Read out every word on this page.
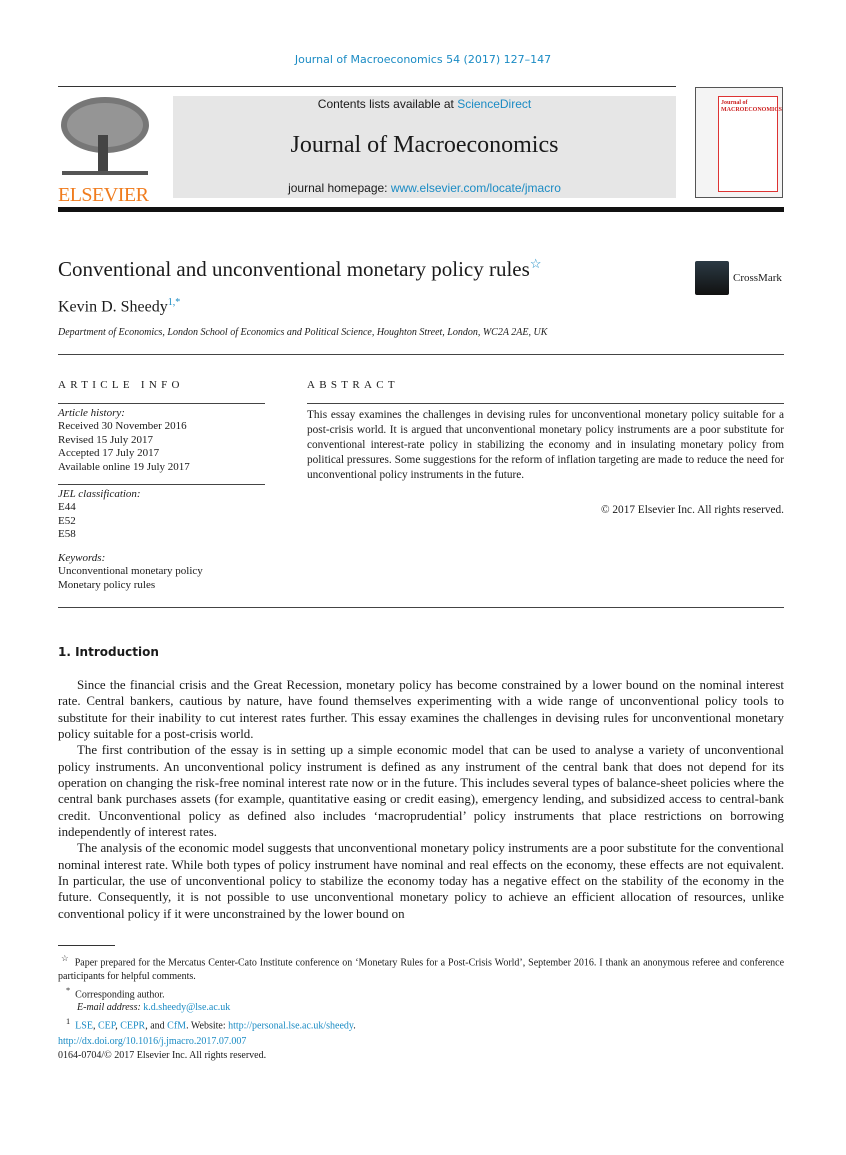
Journal of Macroeconomics 54 (2017) 127–147
ELSEVIER
Contents lists available at ScienceDirect
Journal of Macroeconomics
journal homepage: www.elsevier.com/locate/jmacro
Journal of MACROECONOMICS
Conventional and unconventional monetary policy rules☆
CrossMark
Kevin D. Sheedy$^{1,*}$
Department of Economics, London School of Economics and Political Science, Houghton Street, London, WC2A 2AE, UK
ARTICLE INFO
Article history:
Received 30 November 2016
Revised 15 July 2017
Accepted 17 July 2017
Available online 19 July 2017
JEL classification:
E44
E52
E58
Keywords:
Unconventional monetary policy
Monetary policy rules
ABSTRACT
This essay examines the challenges in devising rules for unconventional monetary policy suitable for a post-crisis world. It is argued that unconventional monetary policy instruments are a poor substitute for conventional interest-rate policy in stabilizing the economy and in insulating monetary policy from political pressures. Some suggestions for the reform of inflation targeting are made to reduce the need for unconventional policy instruments in the future.
© 2017 Elsevier Inc. All rights reserved.
1. Introduction

Since the financial crisis and the Great Recession, monetary policy has become constrained by a lower bound on the nominal interest rate. Central bankers, cautious by nature, have found themselves experimenting with a wide range of unconventional policy tools to substitute for their inability to cut interest rates further. This essay examines the challenges in devising rules for unconventional monetary policy suitable for a post-crisis world.

The first contribution of the essay is in setting up a simple economic model that can be used to analyse a variety of unconventional policy instruments. An unconventional policy instrument is defined as any instrument of the central bank that does not depend for its operation on changing the risk-free nominal interest rate now or in the future. This includes several types of balance-sheet policies where the central bank purchases assets (for example, quantitative easing or credit easing), emergency lending, and subsidized access to central-bank credit. Unconventional policy as defined also includes ‘macroprudential’ policy instruments that place restrictions on borrowing independently of interest rates.

The analysis of the economic model suggests that unconventional monetary policy instruments are a poor substitute for the conventional nominal interest rate. While both types of policy instrument have nominal and real effects on the economy, these effects are not equivalent. In particular, the use of unconventional policy to stabilize the economy today has a negative effect on the stability of the economy in the future. Consequently, it is not possible to use unconventional monetary policy to achieve an efficient allocation of resources, unlike conventional policy if it were unconstrained by the lower bound on

☆ Paper prepared for the Mercatus Center-Cato Institute conference on ‘Monetary Rules for a Post-Crisis World’, September 2016. I thank an anonymous referee and conference participants for helpful comments.
* Corresponding author.
E-mail address: k.d.sheedy@lse.ac.uk
$^1$ LSE, CEP, CEPR, and CfM. Website: http://personal.lse.ac.uk/sheedy.
http://dx.doi.org/10.1016/j.jmacro.2017.07.007
0164-0704/© 2017 Elsevier Inc. All rights reserved.
